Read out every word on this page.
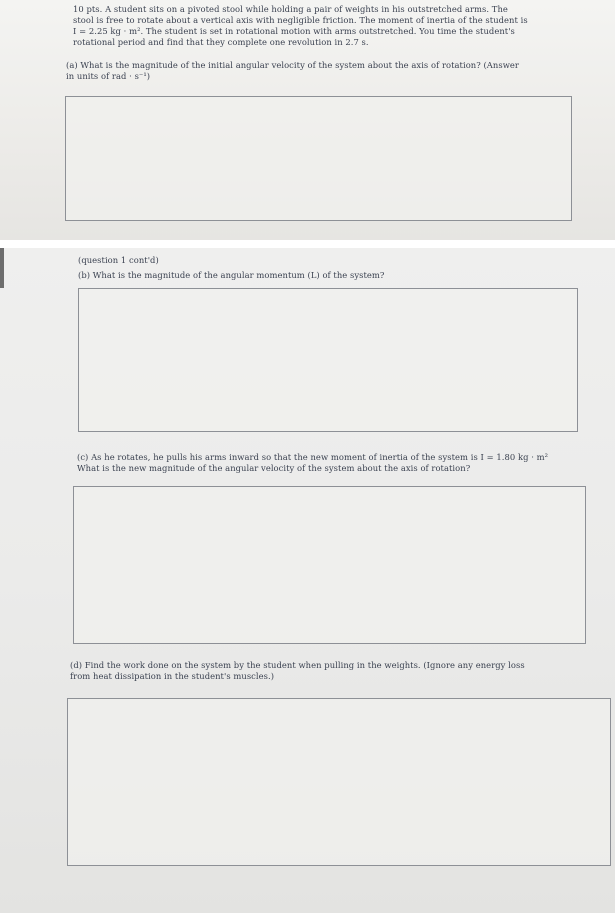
10 pts. A student sits on a pivoted stool while holding a pair of weights in his outstretched arms. The
stool is free to rotate about a vertical axis with negligible friction. The moment of inertia of the student is
I = 2.25 kg · m². The student is set in rotational motion with arms outstretched. You time the student's
rotational period and find that they complete one revolution in 2.7 s.
(a) What is the magnitude of the initial angular velocity of the system about the axis of rotation? (Answer
in units of rad · s⁻¹)
(question 1 cont'd)
(b) What is the magnitude of the angular momentum (L) of the system?
(c) As he rotates, he pulls his arms inward so that the new moment of inertia of the system is I = 1.80 kg · m²
What is the new magnitude of the angular velocity of the system about the axis of rotation?
(d) Find the work done on the system by the student when pulling in the weights. (Ignore any energy loss
from heat dissipation in the student's muscles.)
